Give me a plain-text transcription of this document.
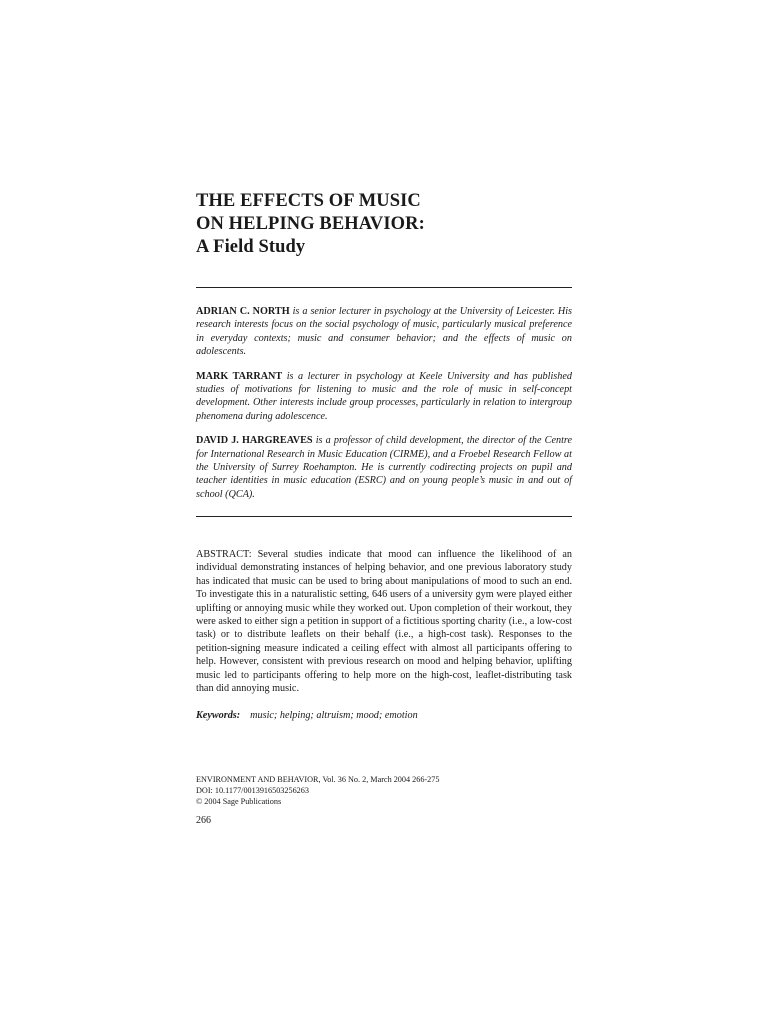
THE EFFECTS OF MUSIC
ON HELPING BEHAVIOR:
A Field Study

ADRIAN C. NORTH is a senior lecturer in psychology at the University of Leicester. His research interests focus on the social psychology of music, particularly musical preference in everyday contexts; music and consumer behavior; and the effects of music on adolescents.

MARK TARRANT is a lecturer in psychology at Keele University and has published studies of motivations for listening to music and the role of music in self-concept development. Other interests include group processes, particularly in relation to intergroup phenomena during adolescence.

DAVID J. HARGREAVES is a professor of child development, the director of the Centre for International Research in Music Education (CIRME), and a Froebel Research Fellow at the University of Surrey Roehampton. He is currently codirecting projects on pupil and teacher identities in music education (ESRC) and on young people’s music in and out of school (QCA).

ABSTRACT: Several studies indicate that mood can influence the likelihood of an individual demonstrating instances of helping behavior, and one previous laboratory study has indicated that music can be used to bring about manipulations of mood to such an end. To investigate this in a naturalistic setting, 646 users of a university gym were played either uplifting or annoying music while they worked out. Upon completion of their workout, they were asked to either sign a petition in support of a fictitious sporting charity (i.e., a low-cost task) or to distribute leaflets on their behalf (i.e., a high-cost task). Responses to the petition-signing measure indicated a ceiling effect with almost all participants offering to help. However, consistent with previous research on mood and helping behavior, uplifting music led to participants offering to help more on the high-cost, leaflet-distributing task than did annoying music.
Keywords: music; helping; altruism; mood; emotion
ENVIRONMENT AND BEHAVIOR, Vol. 36 No. 2, March 2004 266-275
DOI: 10.1177/0013916503256263
© 2004 Sage Publications
266
